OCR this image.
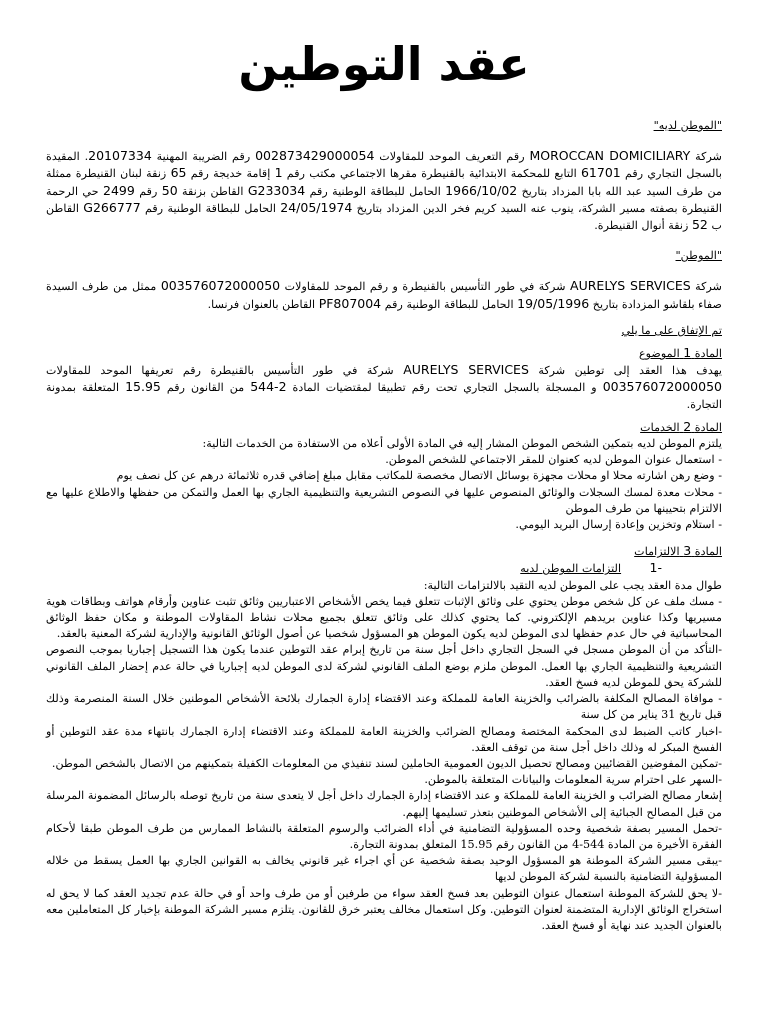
عقد التوطين

"الموطن لديه"

شركة MOROCCAN DOMICILIARY رقم التعريف الموحد للمقاولات 002873429000054 رقم الضريبة المهنية 20107334. المقيدة بالسجل التجاري رقم 61701 التابع للمحكمة الابتدائية بالقنيطرة مقرها الاجتماعي مكتب رقم 1 إقامة خديجة رقم 65 زنقة لبنان القنيطرة ممثلة من طرف السيد عبد الله بابا المزداد بتاريخ 1966/10/02 الحامل للبطاقة الوطنية رقم G233034 القاطن بزنقة 50 رقم 2499 حي الرحمة القنيطرة بصفته مسير الشركة، ينوب عنه السيد كريم فخر الدين المزداد بتاريخ 24/05/1974 الحامل للبطاقة الوطنية رقم G266777 القاطن ب 52 زنقة أنوال القنيطرة.

"الموطن"

شركة AURELYS SERVICES شركة في طور التأسيس بالقنيطرة و رقم الموحد للمقاولات 003576072000050 ممثل من طرف السيدة صفاء بلقاشو المزدادة بتاريخ 19/05/1996 الحامل للبطاقة الوطنية رقم PF807004 القاطن بالعنوان فرنسا.

تم الإتفاق على ما يلي

المادة 1 الموضوع

يهدف هذا العقد إلى توطين شركة AURELYS SERVICES شركة في طور التأسيس بالقنيطرة رقم تعريفها الموحد للمقاولات 003576072000050 و المسجلة بالسجل التجاري تحت رقم تطبيقا لمقتضيات المادة 2-544 من القانون رقم 15.95 المتعلقة بمدونة التجارة.

المادة 2 الخدمات

يلتزم الموطن لديه بتمكين الشخص الموطن المشار إليه في المادة الأولى أعلاه من الاستفادة من الخدمات التالية:

- استعمال عنوان الموطن لديه كعنوان للمقر الاجتماعي للشخص الموطن.

- وضع رهن اشارته محلا او محلات مجهزة بوسائل الاتصال مخصصة للمكاتب مقابل مبلغ إضافي قدره ثلاثمائة درهم عن كل نصف يوم

- محلات معدة لمسك السجلات والوثائق المنصوص عليها في النصوص التشريعية والتنظيمية الجاري بها العمل والتمكن من حفظها والاطلاع عليها مع الالتزام بتحيينها من طرف الموطن

- استلام وتخزين وإعادة إرسال البريد اليومي.

المادة 3 الالتزامات

-1        التزامات الموطن لديه

طوال مدة العقد يجب على الموطن لديه التقيد بالالتزامات التالية:

- مسك ملف عن كل شخص موطن يحتوي على وثائق الإثبات تتعلق فيما يخص الأشخاص الاعتباريين وثائق تثبت عناوين وأرقام هواتف وبطاقات هوية مسيريها وكذا عناوين بريدهم الإلكتروني. كما يحتوي كذلك على وثائق تتعلق بجميع محلات نشاط المقاولات الموطنة و مكان حفظ الوثائق المحاسباتية في حال عدم حفظها لدى الموطن لديه يكون الموطن هو المسؤول شخصيا عن أصول الوثائق القانونية والإدارية لشركة المعنية بالعقد.

-التأكد من أن الموطن مسجل في السجل التجاري داخل أجل سنة من تاريخ إبرام عقد التوطين عندما يكون هذا التسجيل إجباريا بموجب النصوص التشريعية والتنظيمية الجاري بها العمل. الموطن ملزم بوضع الملف القانوني لشركة لدى الموطن لديه إجباريا في حالة عدم إحضار الملف القانوني للشركة يحق للموطن لديه فسخ العقد.

- موافاة المصالح المكلفة بالضرائب والخزينة العامة للمملكة وعند الاقتضاء إدارة الجمارك بلائحة الأشخاص الموطنين خلال السنة المنصرمة وذلك قبل تاريخ 31 يناير من كل سنة

-اخبار كاتب الضبط لدى المحكمة المختصة ومصالح الضرائب والخزينة العامة للمملكة وعند الاقتضاء إدارة الجمارك بانتهاء مدة عقد التوطين أو الفسخ المبكر له وذلك داخل أجل سنة من توقف العقد.

-تمكين المفوضين القضائيين ومصالح تحصيل الديون العمومية الحاملين لسند تنفيذي من المعلومات الكفيلة بتمكينهم من الاتصال بالشخص الموطن.

-السهر على احترام سرية المعلومات والبيانات المتعلقة بالموطن.

إشعار مصالح الضرائب و الخزينة العامة للمملكة و عند الاقتضاء إدارة الجمارك داخل أجل لا يتعدى سنة من تاريخ توصله بالرسائل المضمونة المرسلة من قبل المصالح الجبائية إلى الأشخاص الموطنين بتعذر تسليمها إليهم.

-تحمل المسير بصفة شخصية وحده المسؤولية التضامنية في أداء الضرائب والرسوم المتعلقة بالنشاط الممارس من طرف الموطن طبقا لأحكام الفقرة الأخيرة من المادة 544-4 من القانون رقم 15.95 المتعلق بمدونة التجارة.

-يبقى مسير الشركة الموطنة هو المسؤول الوحيد بصفة شخصية عن أي اجراء غير قانوني يخالف به القوانين الجاري بها العمل يسقط من خلاله المسؤولية التضامنية بالنسبة لشركة الموطن لديها

-لا يحق للشركة الموطنة استعمال عنوان التوطين بعد فسخ العقد سواء من طرفين أو من طرف واحد أو في حالة عدم تجديد العقد كما لا يحق له استخراج الوثائق الإدارية المتضمنة لعنوان التوطين. وكل استعمال مخالف يعتبر خرق للقانون. يتلزم مسير الشركة الموطنة بإخبار كل المتعاملين معه بالعنوان الجديد عند نهاية أو فسخ العقد.
